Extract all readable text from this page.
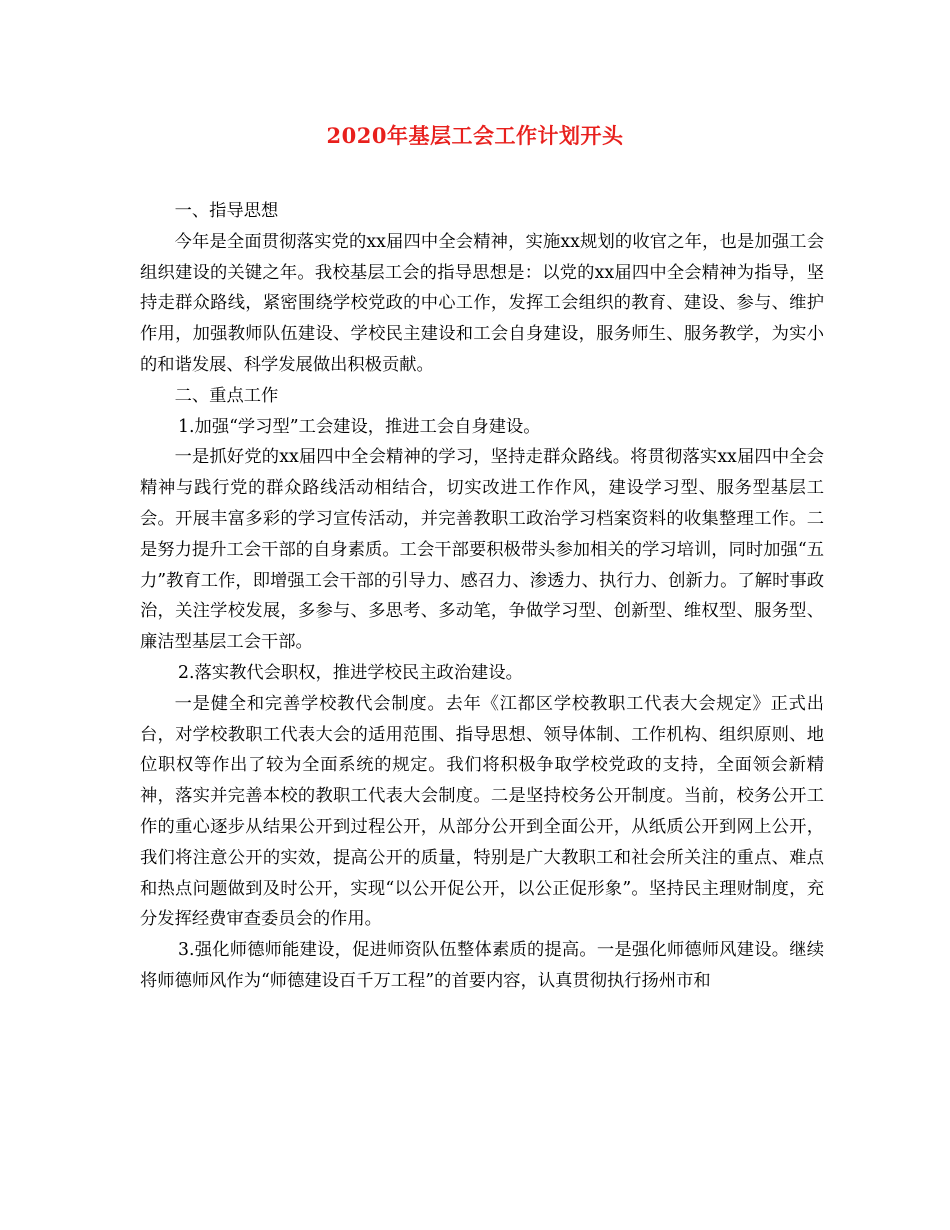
2020年基层工会工作计划开头

一、指导思想

今年是全面贯彻落实党的xx届四中全会精神，实施xx规划的收官之年，也是加强工会组织建设的关键之年。我校基层工会的指导思想是：以党的xx届四中全会精神为指导，坚持走群众路线，紧密围绕学校党政的中心工作，发挥工会组织的教育、建设、参与、维护作用，加强教师队伍建设、学校民主建设和工会自身建设，服务师生、服务教学，为实小的和谐发展、科学发展做出积极贡献。

二、重点工作

1.加强“学习型”工会建设，推进工会自身建设。

一是抓好党的xx届四中全会精神的学习，坚持走群众路线。将贯彻落实xx届四中全会精神与践行党的群众路线活动相结合，切实改进工作作风，建设学习型、服务型基层工会。开展丰富多彩的学习宣传活动，并完善教职工政治学习档案资料的收集整理工作。二是努力提升工会干部的自身素质。工会干部要积极带头参加相关的学习培训，同时加强“五力”教育工作，即增强工会干部的引导力、感召力、渗透力、执行力、创新力。了解时事政治，关注学校发展，多参与、多思考、多动笔，争做学习型、创新型、维权型、服务型、廉洁型基层工会干部。

2.落实教代会职权，推进学校民主政治建设。

一是健全和完善学校教代会制度。去年《江都区学校教职工代表大会规定》正式出台，对学校教职工代表大会的适用范围、指导思想、领导体制、工作机构、组织原则、地位职权等作出了较为全面系统的规定。我们将积极争取学校党政的支持，全面领会新精神，落实并完善本校的教职工代表大会制度。二是坚持校务公开制度。当前，校务公开工作的重心逐步从结果公开到过程公开，从部分公开到全面公开，从纸质公开到网上公开，我们将注意公开的实效，提高公开的质量，特别是广大教职工和社会所关注的重点、难点和热点问题做到及时公开，实现“以公开促公开，以公正促形象”。坚持民主理财制度，充分发挥经费审查委员会的作用。

3.强化师德师能建设，促进师资队伍整体素质的提高。一是强化师德师风建设。继续将师德师风作为“师德建设百千万工程”的首要内容，认真贯彻执行扬州市和
